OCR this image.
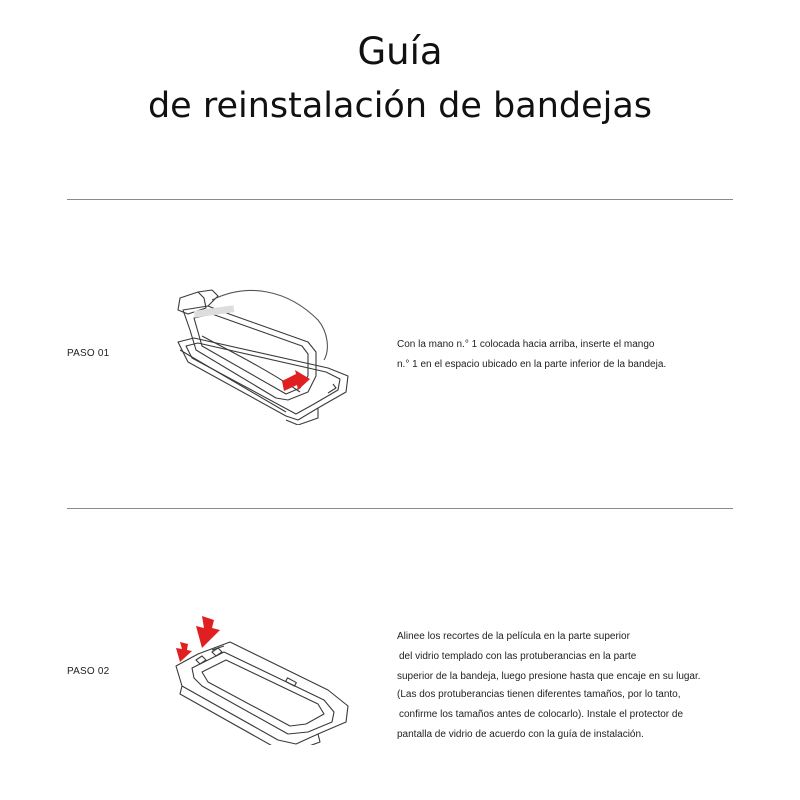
Guía
de reinstalación de bandejas
PASO 01

Con la mano n.° 1 colocada hacia arriba, inserte el mango

n.° 1 en el espacio ubicado en la parte inferior de la bandeja.

PASO 02

Alinee los recortes de la película en la parte superior

del vidrio templado con las protuberancias en la parte

superior de la bandeja, luego presione hasta que encaje en su lugar.

(Las dos protuberancias tienen diferentes tamaños, por lo tanto,

confirme los tamaños antes de colocarlo). Instale el protector de

pantalla de vidrio de acuerdo con la guía de instalación.
